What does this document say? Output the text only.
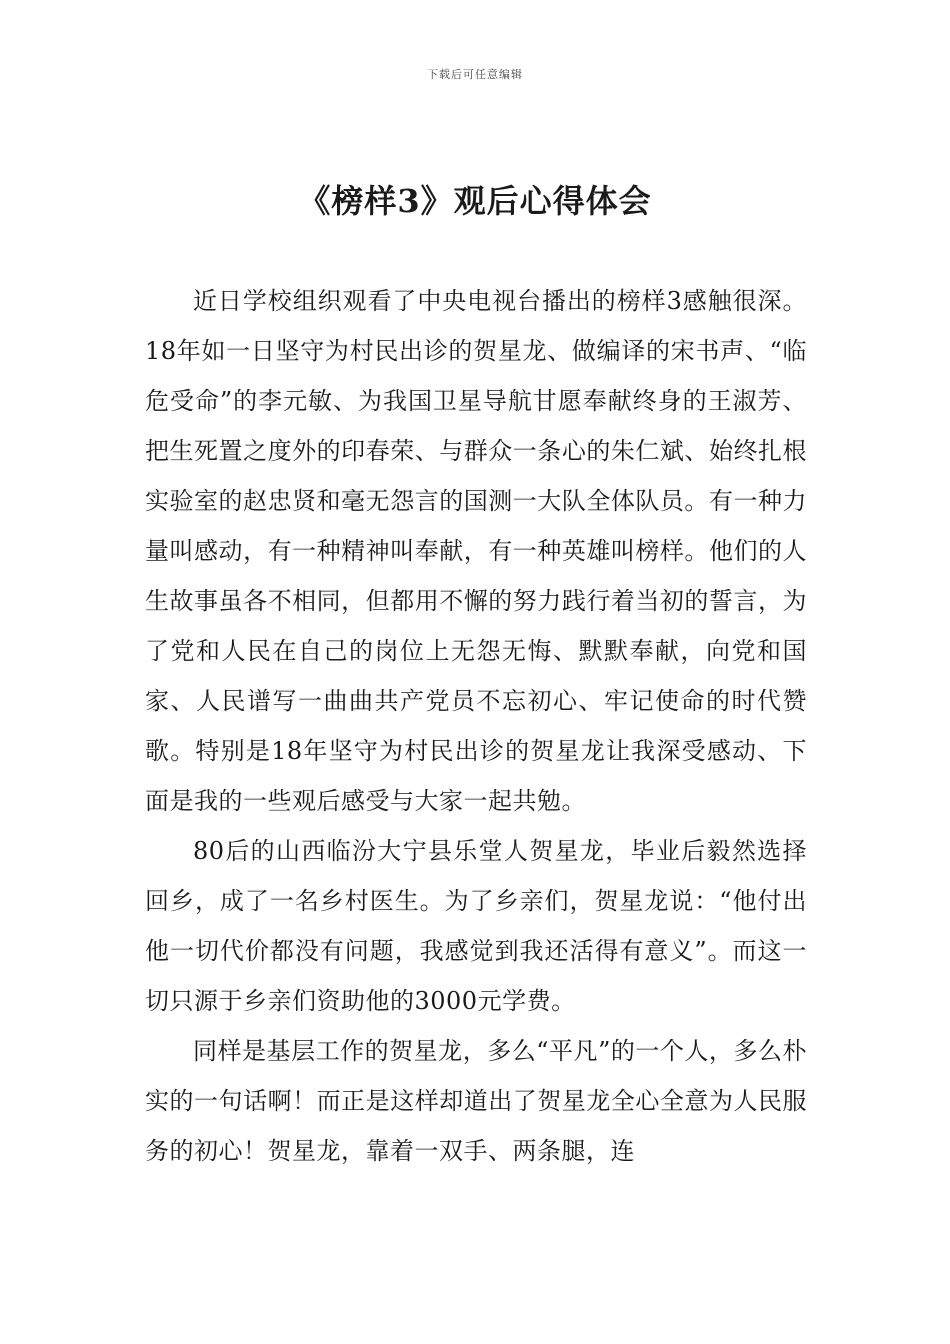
下载后可任意编辑
《榜样3》观后心得体会

近日学校组织观看了中央电视台播出的榜样3感触很深。18年如一日坚守为村民出诊的贺星龙、做编译的宋书声、“临危受命”的李元敏、为我国卫星导航甘愿奉献终身的王淑芳、把生死置之度外的印春荣、与群众一条心的朱仁斌、始终扎根实验室的赵忠贤和毫无怨言的国测一大队全体队员。有一种力量叫感动，有一种精神叫奉献，有一种英雄叫榜样。他们的人生故事虽各不相同，但都用不懈的努力践行着当初的誓言，为了党和人民在自己的岗位上无怨无悔、默默奉献，向党和国家、人民谱写一曲曲共产党员不忘初心、牢记使命的时代赞歌。特别是18年坚守为村民出诊的贺星龙让我深受感动、下面是我的一些观后感受与大家一起共勉。

80后的山西临汾大宁县乐堂人贺星龙，毕业后毅然选择回乡，成了一名乡村医生。为了乡亲们，贺星龙说：“他付出他一切代价都没有问题，我感觉到我还活得有意义”。而这一切只源于乡亲们资助他的3000元学费。

同样是基层工作的贺星龙，多么“平凡”的一个人，多么朴实的一句话啊！而正是这样却道出了贺星龙全心全意为人民服务的初心！贺星龙，靠着一双手、两条腿，连
